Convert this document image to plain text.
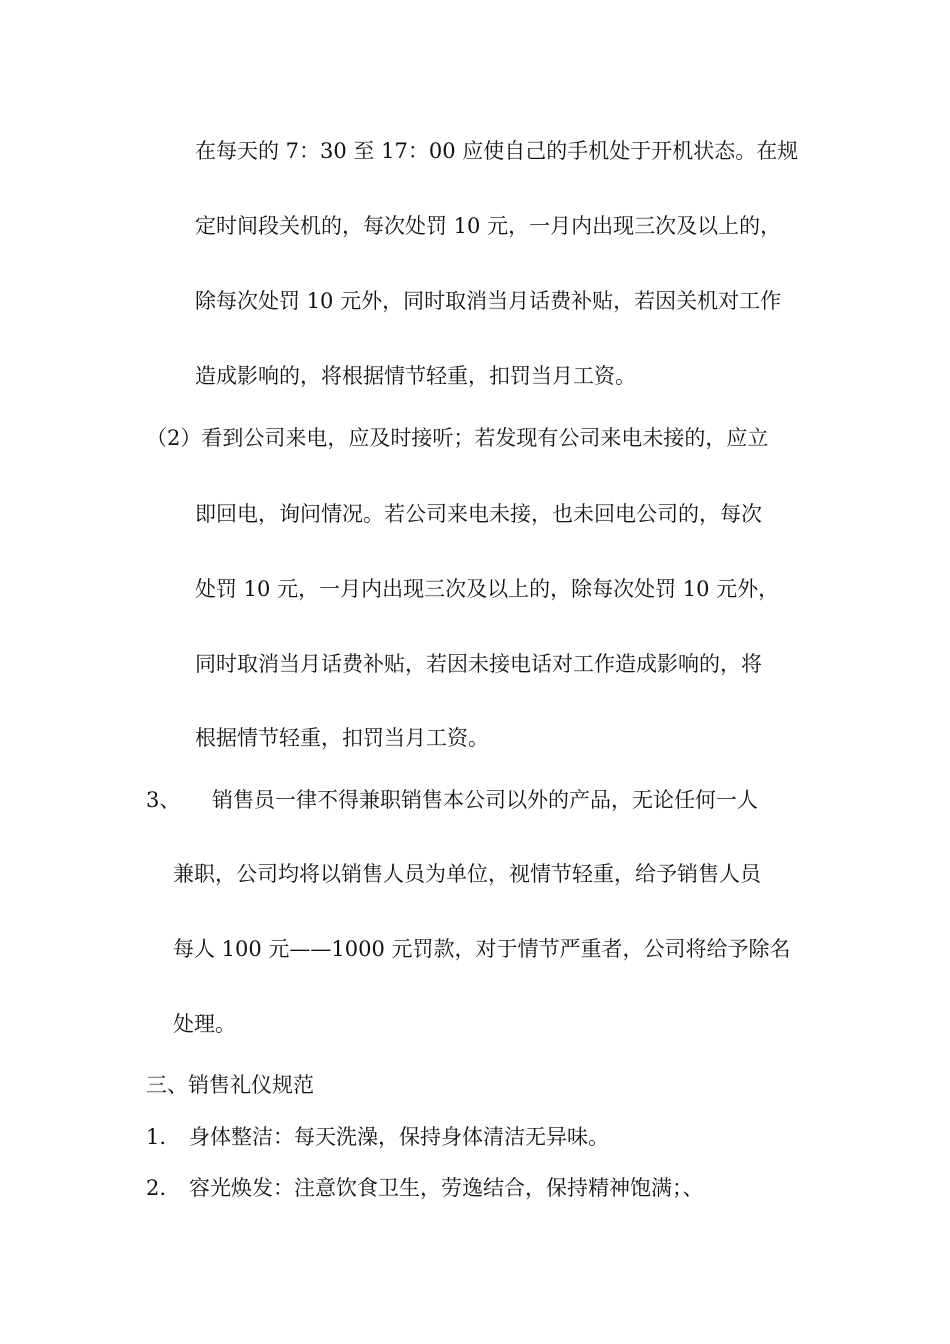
在每天的 7：30 至 17：00 应使自己的手机处于开机状态。在规
定时间段关机的，每次处罚 10 元，一月内出现三次及以上的，
除每次处罚 10 元外，同时取消当月话费补贴，若因关机对工作
造成影响的，将根据情节轻重，扣罚当月工资。
（2）看到公司来电，应及时接听；若发现有公司来电未接的，应立
即回电，询问情况。若公司来电未接，也未回电公司的，每次
处罚 10 元，一月内出现三次及以上的，除每次处罚 10 元外，
同时取消当月话费补贴，若因未接电话对工作造成影响的，将
根据情节轻重，扣罚当月工资。
3、 销售员一律不得兼职销售本公司以外的产品，无论任何一人
兼职，公司均将以销售人员为单位，视情节轻重，给予销售人员
每人 100 元——1000 元罚款，对于情节严重者，公司将给予除名
处理。
三、销售礼仪规范
1. 身体整洁：每天洗澡，保持身体清洁无异味。
2. 容光焕发：注意饮食卫生，劳逸结合，保持精神饱满；、
